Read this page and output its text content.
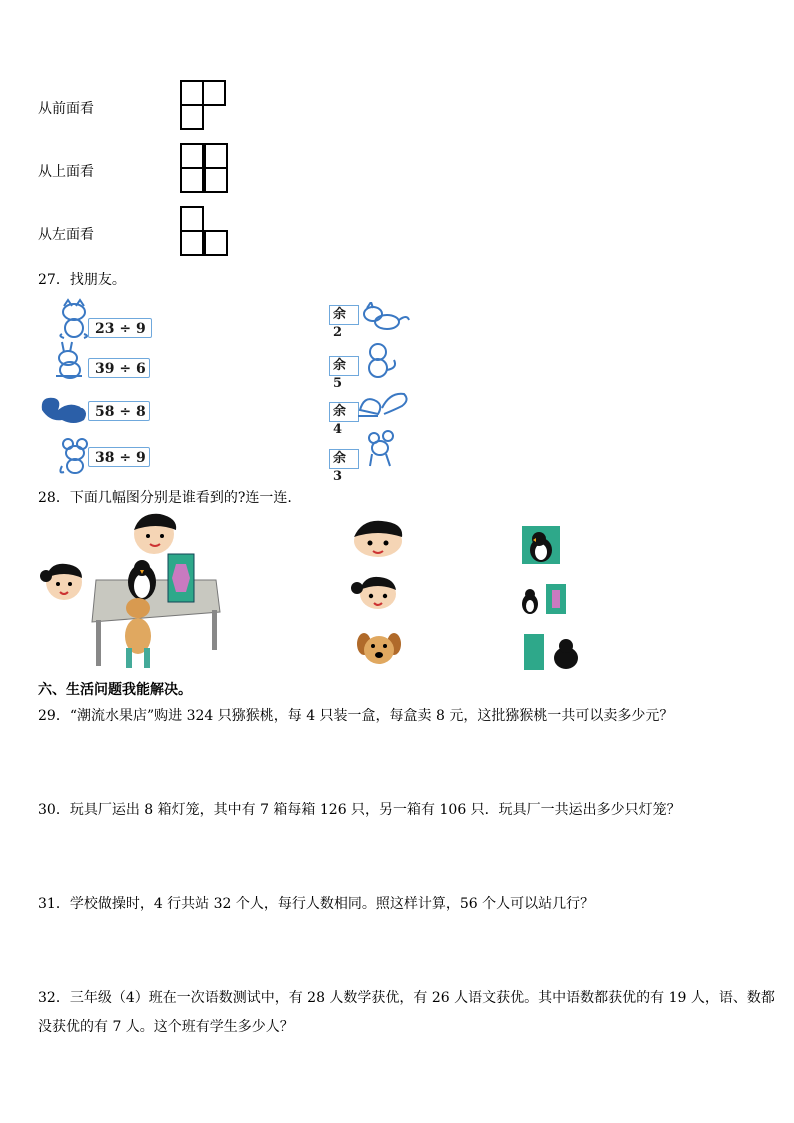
从前面看
从上面看
从左面看
27．找朋友。
23 ÷ 9
39 ÷ 6
58 ÷ 8
38 ÷ 9
余2
余5
余4
余3
28．下面几幅图分别是谁看到的?连一连.
六、生活问题我能解决。
29．“潮流水果店”购进 324 只猕猴桃，每 4 只装一盒，每盒卖 8 元，这批猕猴桃一共可以卖多少元？
30．玩具厂运出 8 箱灯笼，其中有 7 箱每箱 126 只，另一箱有 106 只．玩具厂一共运出多少只灯笼？
31．学校做操时，4 行共站 32 个人，每行人数相同。照这样计算，56 个人可以站几行？
32．三年级（4）班在一次语数测试中，有 28 人数学获优，有 26 人语文获优。其中语数都获优的有 19 人，语、数都
没获优的有 7 人。这个班有学生多少人？
